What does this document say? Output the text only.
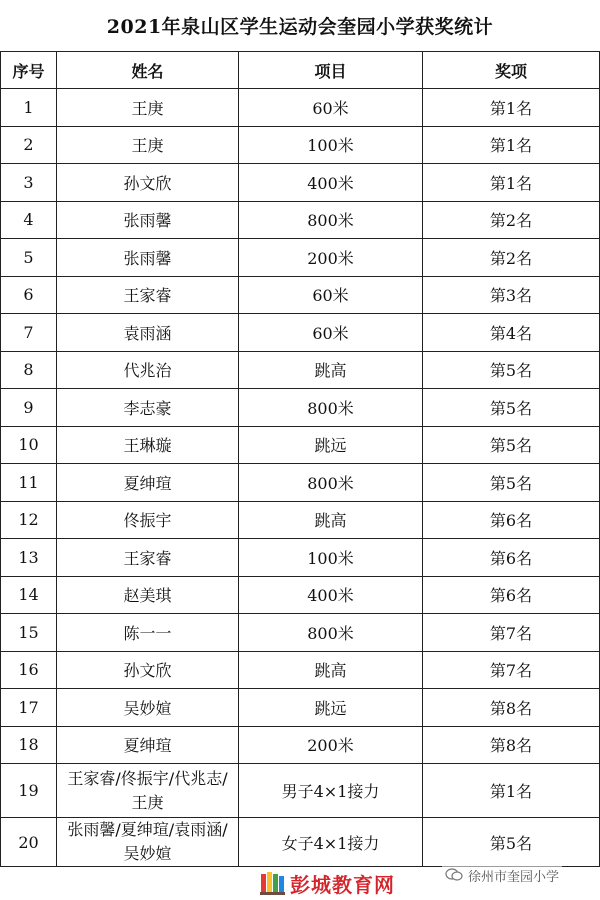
2021年泉山区学生运动会奎园小学获奖统计
序号	姓名	项目	奖项
1	王庚	60米	第1名
2	王庚	100米	第1名
3	孙文欣	400米	第1名
4	张雨馨	800米	第2名
5	张雨馨	200米	第2名
6	王家睿	60米	第3名
7	袁雨涵	60米	第4名
8	代兆治	跳高	第5名
9	李志豪	800米	第5名
10	王琳璇	跳远	第5名
11	夏绅瑄	800米	第5名
12	佟振宇	跳高	第6名
13	王家睿	100米	第6名
14	赵美琪	400米	第6名
15	陈一一	800米	第7名
16	孙文欣	跳高	第7名
17	吴妙媗	跳远	第8名
18	夏绅瑄	200米	第8名
19	王家睿/佟振宇/代兆志/王庚	男子4×1接力	第1名
20	张雨馨/夏绅瑄/袁雨涵/吴妙媗	女子4×1接力	第5名
彭城教育网	徐州市奎园小学
